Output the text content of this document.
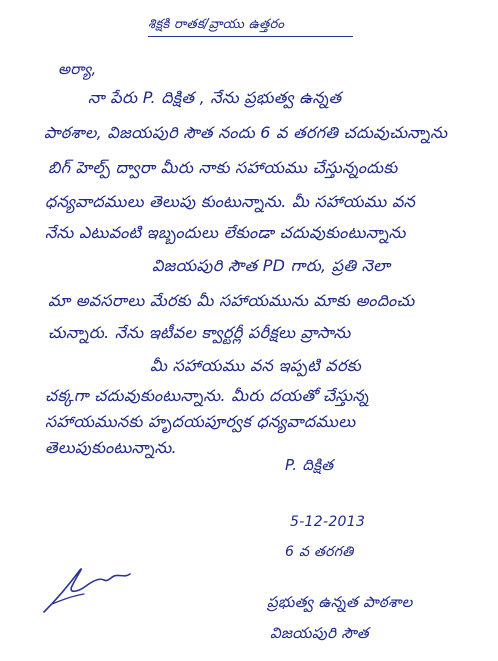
శిక్షకి రాతక/వ్రాయు ఉత్తరం
అర్యా,
నా పేరు P. దిక్షిత , నేను ప్రభుత్వ ఉన్నత
పాఠశాల, విజయపురి సౌత నందు 6 వ తరగతి చదువుచున్నాను
బిగ్ హెల్ప్ ద్వారా మీరు నాకు సహాయము చేస్తున్నందుకు
ధన్యవాదములు తెలుపు కుంటున్నాను. మీ సహాయము వన
నేను ఎటువంటి ఇబ్బందులు లేకుండా చదువుకుంటున్నాను
విజయపురి సౌత PD గారు, ప్రతి నెలా
మా అవసరాలు మేరకు మీ సహాయమును మాకు అందించు
చున్నారు. నేను ఇటీవల క్వార్టర్లీ పరీక్షలు వ్రాసాను
మీ సహాయము వన ఇప్పటి వరకు
చక్కగా చదువుకుంటున్నాను. మీరు దయతో చేస్తున్న
సహాయమునకు హృదయపూర్వక ధన్యవాదములు
తెలుపుకుంటున్నాను.
P. దిక్షిత
5-12-2013
6 వ తరగతి
ప్రభుత్వ ఉన్నత పాఠశాల
విజయపురి సౌత
